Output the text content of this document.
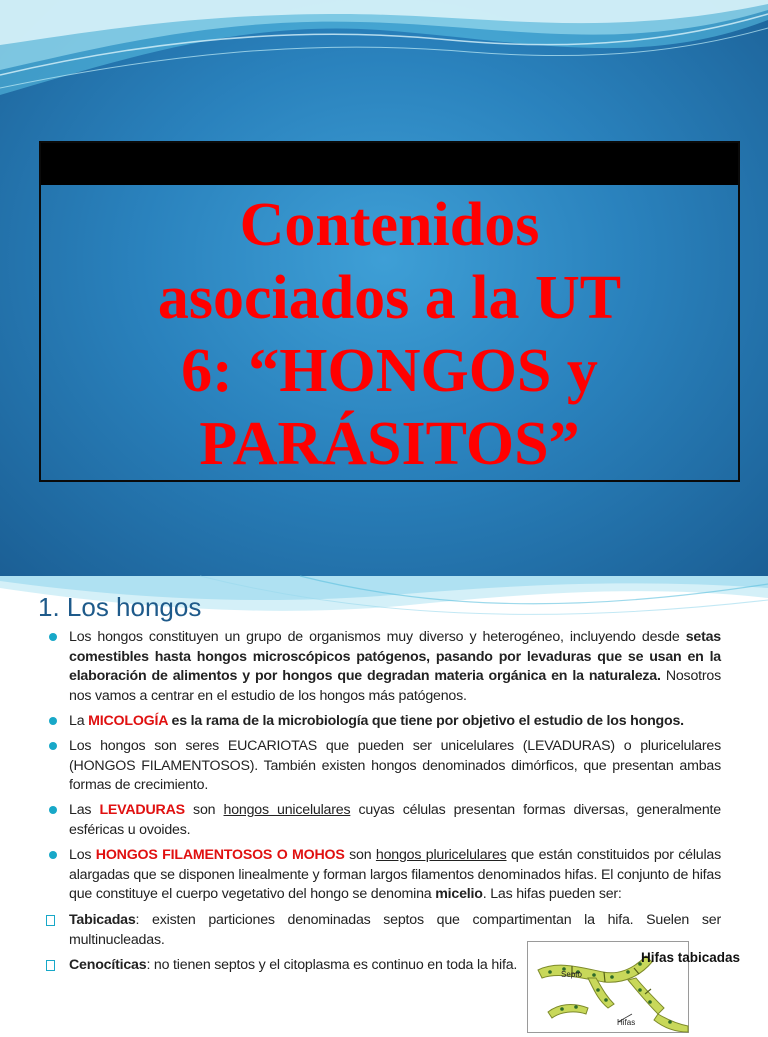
Contenidos
asociados a la UT
6: “HONGOS y
PARÁSITOS”
1. Los hongos
Los hongos constituyen un grupo de organismos muy diverso y heterogéneo, incluyendo desde setas comestibles hasta hongos microscópicos patógenos, pasando por levaduras que se usan en la elaboración de alimentos y por hongos que degradan materia orgánica en la naturaleza. Nosotros nos vamos a centrar en el estudio de los hongos más patógenos.
La MICOLOGÍA es la rama de la microbiología que tiene por objetivo el estudio de los hongos.
Los hongos son seres EUCARIOTAS que pueden ser unicelulares (LEVADURAS) o pluricelulares (HONGOS FILAMENTOSOS). También existen hongos denominados dimórficos, que presentan ambas formas de crecimiento.
Las LEVADURAS son hongos unicelulares cuyas células presentan formas diversas, generalmente esféricas u ovoides.
Los HONGOS FILAMENTOSOS O MOHOS son hongos pluricelulares que están constituidos por células alargadas que se disponen linealmente y forman largos filamentos denominados hifas. El conjunto de hifas que constituye el cuerpo vegetativo del hongo se denomina micelio. Las hifas pueden ser:
Tabicadas: existen particiones denominadas septos que compartimentan la hifa. Suelen ser multinucleadas.
Cenocíticas: no tienen septos y el citoplasma es continuo en toda la hifa.	Hifas tabicadas
Septo
Hifas
